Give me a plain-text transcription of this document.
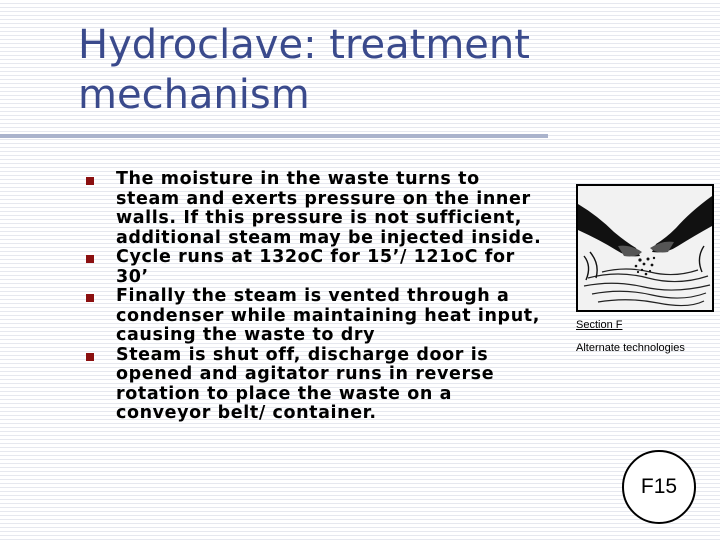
Hydroclave: treatment mechanism
The moisture in the waste turns to steam and exerts pressure on the inner walls. If this pressure is not sufficient, additional steam may be injected inside.
Cycle runs at 132oC for 15’/ 121oC for 30’
Finally the steam is vented through a condenser while maintaining heat input, causing the waste to dry
Steam is shut off, discharge door is opened and agitator runs in reverse rotation to place the waste on a conveyor belt/ container.
Section F
Alternate technologies
F15
